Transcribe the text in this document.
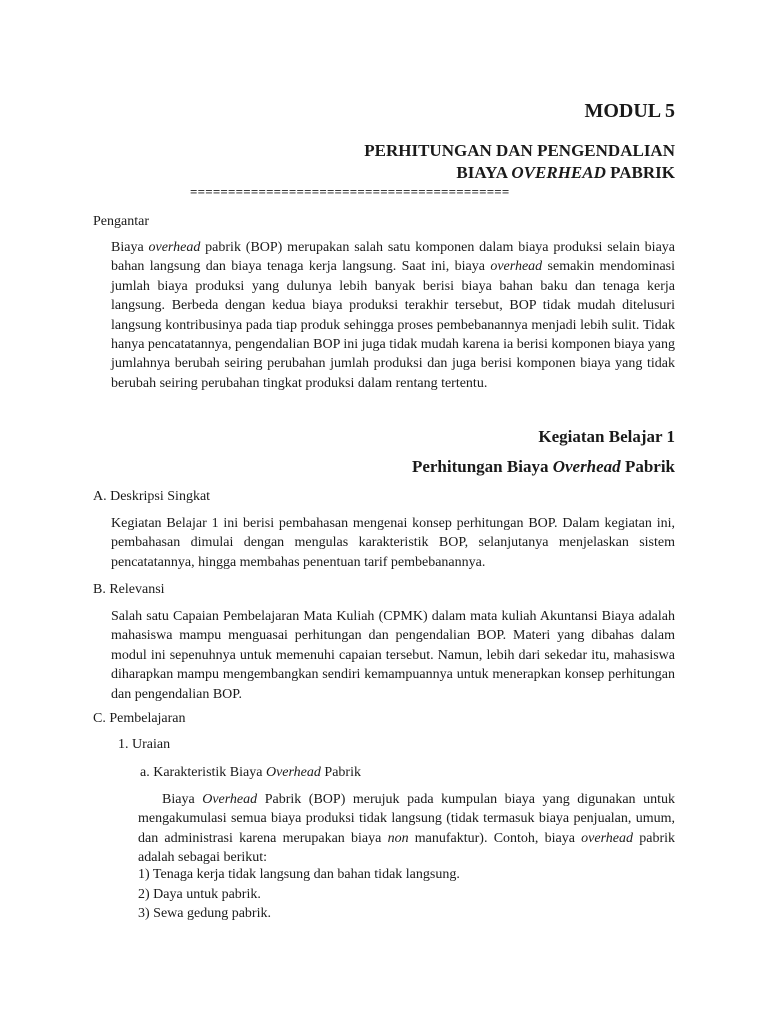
MODUL 5
PERHITUNGAN DAN PENGENDALIAN
BIAYA OVERHEAD PABRIK
==========================================
Pengantar

Biaya overhead pabrik (BOP) merupakan salah satu komponen dalam biaya produksi selain biaya bahan langsung dan biaya tenaga kerja langsung. Saat ini, biaya overhead semakin mendominasi jumlah biaya produksi yang dulunya lebih banyak berisi biaya bahan baku dan tenaga kerja langsung. Berbeda dengan kedua biaya produksi terakhir tersebut, BOP tidak mudah ditelusuri langsung kontribusinya pada tiap produk sehingga proses pembebanannya menjadi lebih sulit. Tidak hanya pencatatannya, pengendalian BOP ini juga tidak mudah karena ia berisi komponen biaya yang jumlahnya berubah seiring perubahan jumlah produksi dan juga berisi komponen biaya yang tidak berubah seiring perubahan tingkat produksi dalam rentang tertentu.

Kegiatan Belajar 1
Perhitungan Biaya Overhead Pabrik
A. Deskripsi Singkat

Kegiatan Belajar 1 ini berisi pembahasan mengenai konsep perhitungan BOP. Dalam kegiatan ini, pembahasan dimulai dengan mengulas karakteristik BOP, selanjutanya menjelaskan sistem pencatatannya, hingga membahas penentuan tarif pembebanannya.

B. Relevansi

Salah satu Capaian Pembelajaran Mata Kuliah (CPMK) dalam mata kuliah Akuntansi Biaya adalah mahasiswa mampu menguasai perhitungan dan pengendalian BOP. Materi yang dibahas dalam modul ini sepenuhnya untuk memenuhi capaian tersebut. Namun, lebih dari sekedar itu, mahasiswa diharapkan mampu mengembangkan sendiri kemampuannya untuk menerapkan konsep perhitungan dan pengendalian BOP.

C. Pembelajaran
1. Uraian
a. Karakteristik Biaya Overhead Pabrik

Biaya Overhead Pabrik (BOP) merujuk pada kumpulan biaya yang digunakan untuk mengakumulasi semua biaya produksi tidak langsung (tidak termasuk biaya penjualan, umum, dan administrasi karena merupakan biaya non manufaktur). Contoh, biaya overhead pabrik adalah sebagai berikut:

1) Tenaga kerja tidak langsung dan bahan tidak langsung.
2) Daya untuk pabrik.
3) Sewa gedung pabrik.
